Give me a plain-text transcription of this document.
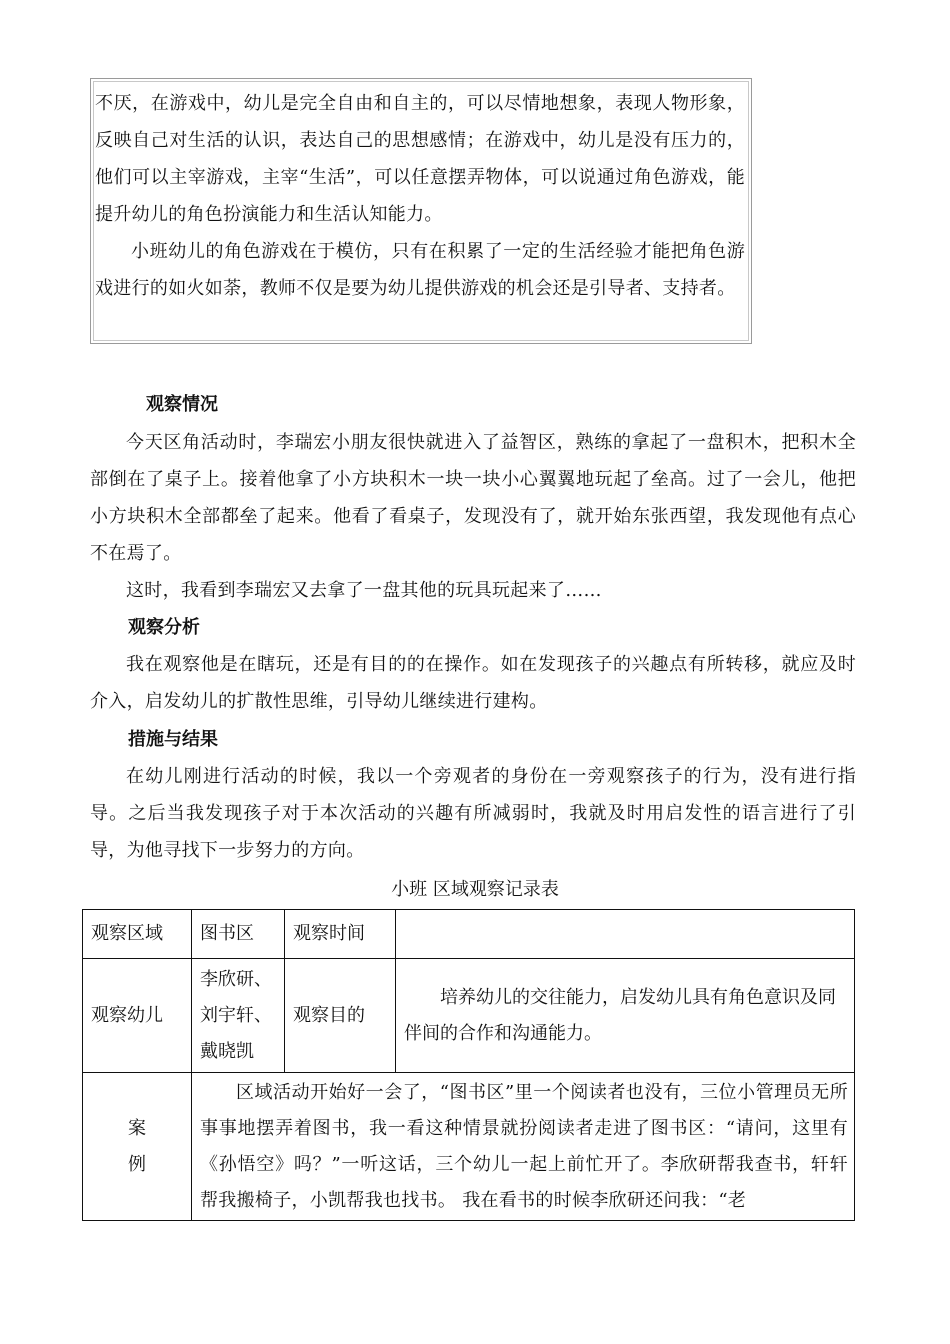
不厌，在游戏中，幼儿是完全自由和自主的，可以尽情地想象，表现人物形象，反映自己对生活的认识，表达自己的思想感情；在游戏中，幼儿是没有压力的，他们可以主宰游戏，主宰“生活”，可以任意摆弄物体，可以说通过角色游戏，能提升幼儿的角色扮演能力和生活认知能力。

小班幼儿的角色游戏在于模仿，只有在积累了一定的生活经验才能把角色游戏进行的如火如荼，教师不仅是要为幼儿提供游戏的机会还是引导者、支持者。

观察情况

今天区角活动时，李瑞宏小朋友很快就进入了益智区，熟练的拿起了一盘积木，把积木全部倒在了桌子上。接着他拿了小方块积木一块一块小心翼翼地玩起了垒高。过了一会儿，他把小方块积木全部都垒了起来。他看了看桌子，发现没有了，就开始东张西望，我发现他有点心不在焉了。

这时，我看到李瑞宏又去拿了一盘其他的玩具玩起来了……

观察分析

我在观察他是在瞎玩，还是有目的的在操作。如在发现孩子的兴趣点有所转移，就应及时介入，启发幼儿的扩散性思维，引导幼儿继续进行建构。

措施与结果

在幼儿刚进行活动的时候，我以一个旁观者的身份在一旁观察孩子的行为，没有进行指导。之后当我发现孩子对于本次活动的兴趣有所减弱时，我就及时用启发性的语言进行了引导，为他寻找下一步努力的方向。

小班 区域观察记录表
观察区域	图书区	观察时间	
观察幼儿	李欣研、
刘宇轩、
戴晓凯	观察目的	培养幼儿的交往能力，启发幼儿具有角色意识及同伴间的合作和沟通能力。

案
例	区域活动开始好一会了，“图书区”里一个阅读者也没有，三位小管理员无所事事地摆弄着图书，我一看这种情景就扮阅读者走进了图书区：“请问，这里有《孙悟空》吗？”一听这话，三个幼儿一起上前忙开了。李欣研帮我查书，轩轩帮我搬椅子，小凯帮我也找书。 我在看书的时候李欣研还问我：“老		
